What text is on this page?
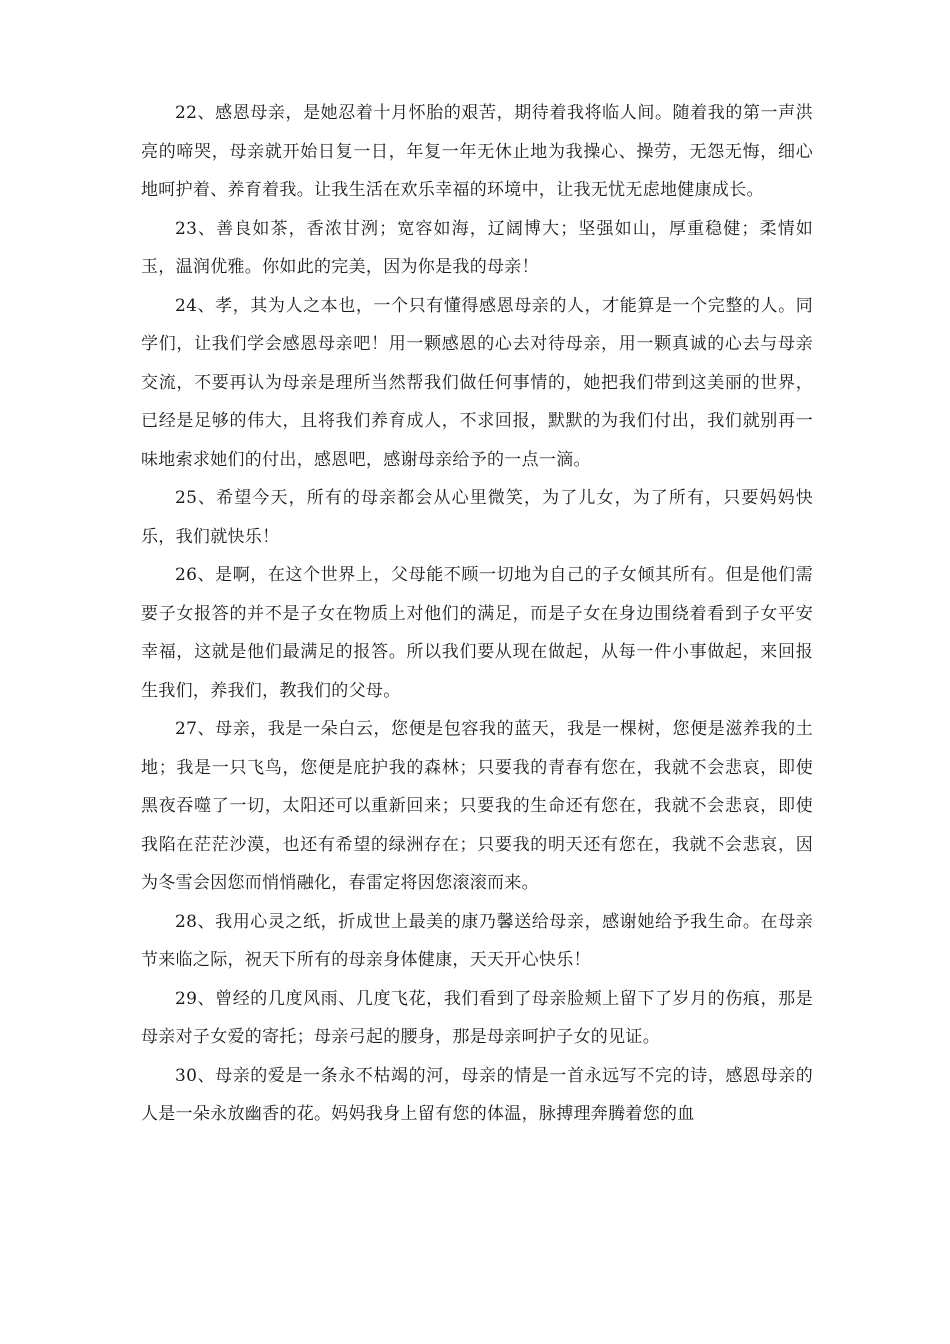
22、感恩母亲，是她忍着十月怀胎的艰苦，期待着我将临人间。随着我的第一声洪亮的啼哭，母亲就开始日复一日，年复一年无休止地为我操心、操劳，无怨无悔，细心地呵护着、养育着我。让我生活在欢乐幸福的环境中，让我无忧无虑地健康成长。

23、善良如茶，香浓甘洌；宽容如海，辽阔博大；坚强如山，厚重稳健；柔情如玉，温润优雅。你如此的完美，因为你是我的母亲！

24、孝，其为人之本也，一个只有懂得感恩母亲的人，才能算是一个完整的人。同学们，让我们学会感恩母亲吧！用一颗感恩的心去对待母亲，用一颗真诚的心去与母亲交流，不要再认为母亲是理所当然帮我们做任何事情的，她把我们带到这美丽的世界，已经是足够的伟大，且将我们养育成人，不求回报，默默的为我们付出，我们就别再一味地索求她们的付出，感恩吧，感谢母亲给予的一点一滴。

25、希望今天，所有的母亲都会从心里微笑，为了儿女，为了所有，只要妈妈快乐，我们就快乐！

26、是啊，在这个世界上，父母能不顾一切地为自己的子女倾其所有。但是他们需要子女报答的并不是子女在物质上对他们的满足，而是子女在身边围绕着看到子女平安幸福，这就是他们最满足的报答。所以我们要从现在做起，从每一件小事做起，来回报生我们，养我们，教我们的父母。

27、母亲，我是一朵白云，您便是包容我的蓝天，我是一棵树，您便是滋养我的土地；我是一只飞鸟，您便是庇护我的森林；只要我的青春有您在，我就不会悲哀，即使黑夜吞噬了一切，太阳还可以重新回来；只要我的生命还有您在，我就不会悲哀，即使我陷在茫茫沙漠，也还有希望的绿洲存在；只要我的明天还有您在，我就不会悲哀，因为冬雪会因您而悄悄融化，春雷定将因您滚滚而来。

28、我用心灵之纸，折成世上最美的康乃馨送给母亲，感谢她给予我生命。在母亲节来临之际，祝天下所有的母亲身体健康，天天开心快乐！

29、曾经的几度风雨、几度飞花，我们看到了母亲脸颊上留下了岁月的伤痕，那是母亲对子女爱的寄托；母亲弓起的腰身，那是母亲呵护子女的见证。

30、母亲的爱是一条永不枯竭的河，母亲的情是一首永远写不完的诗，感恩母亲的人是一朵永放幽香的花。妈妈我身上留有您的体温，脉搏理奔腾着您的血
